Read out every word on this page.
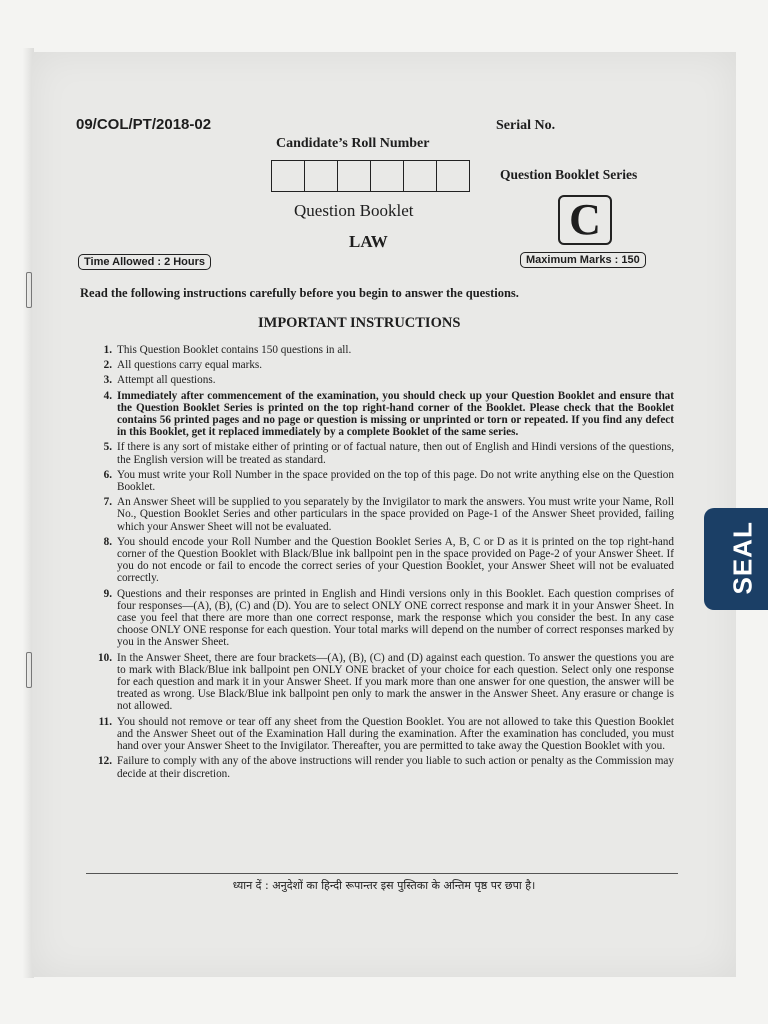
09/COL/PT/2018-02	Serial No.
Candidate’s Roll Number
Question Booklet Series
Question Booklet	C
LAW
Time Allowed : 2 Hours	Maximum Marks : 150
Read the following instructions carefully before you begin to answer the questions.
IMPORTANT INSTRUCTIONS
1. This Question Booklet contains 150 questions in all.
2. All questions carry equal marks.
3. Attempt all questions.
4. Immediately after commencement of the examination, you should check up your Question Booklet and ensure that the Question Booklet Series is printed on the top right-hand corner of the Booklet. Please check that the Booklet contains 56 printed pages and no page or question is missing or unprinted or torn or repeated. If you find any defect in this Booklet, get it replaced immediately by a complete Booklet of the same series.
5. If there is any sort of mistake either of printing or of factual nature, then out of English and Hindi versions of the questions, the English version will be treated as standard.
6. You must write your Roll Number in the space provided on the top of this page. Do not write anything else on the Question Booklet.
7. An Answer Sheet will be supplied to you separately by the Invigilator to mark the answers. You must write your Name, Roll No., Question Booklet Series and other particulars in the space provided on Page-1 of the Answer Sheet provided, failing which your Answer Sheet will not be evaluated.
8. You should encode your Roll Number and the Question Booklet Series A, B, C or D as it is printed on the top right-hand corner of the Question Booklet with Black/Blue ink ballpoint pen in the space provided on Page-2 of your Answer Sheet. If you do not encode or fail to encode the correct series of your Question Booklet, your Answer Sheet will not be evaluated correctly.
9. Questions and their responses are printed in English and Hindi versions only in this Booklet. Each question comprises of four responses—(A), (B), (C) and (D). You are to select ONLY ONE correct response and mark it in your Answer Sheet. In case you feel that there are more than one correct response, mark the response which you consider the best. In any case choose ONLY ONE response for each question. Your total marks will depend on the number of correct responses marked by you in the Answer Sheet.
10. In the Answer Sheet, there are four brackets—(A), (B), (C) and (D) against each question. To answer the questions you are to mark with Black/Blue ink ballpoint pen ONLY ONE bracket of your choice for each question. Select only one response for each question and mark it in your Answer Sheet. If you mark more than one answer for one question, the answer will be treated as wrong. Use Black/Blue ink ballpoint pen only to mark the answer in the Answer Sheet. Any erasure or change is not allowed.
11. You should not remove or tear off any sheet from the Question Booklet. You are not allowed to take this Question Booklet and the Answer Sheet out of the Examination Hall during the examination. After the examination has concluded, you must hand over your Answer Sheet to the Invigilator. Thereafter, you are permitted to take away the Question Booklet with you.
12. Failure to comply with any of the above instructions will render you liable to such action or penalty as the Commission may decide at their discretion.
ध्यान दें : अनुदेशों का हिन्दी रूपान्तर इस पुस्तिका के अन्तिम पृष्ठ पर छपा है।
SEAL
